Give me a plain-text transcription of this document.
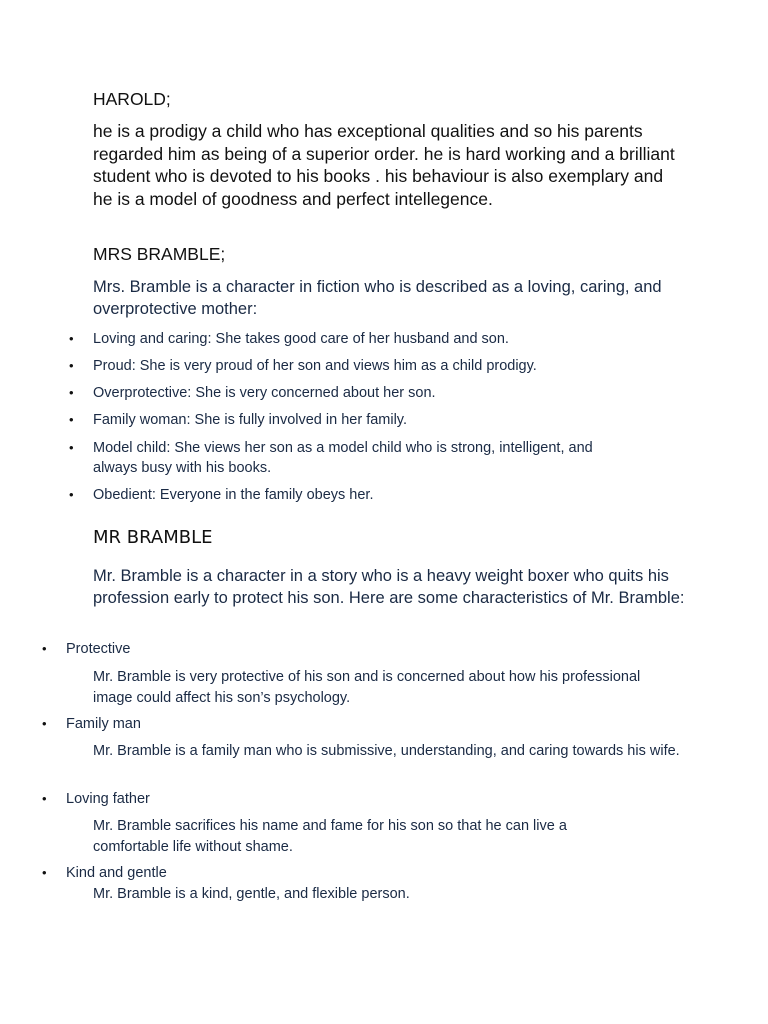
HAROLD;

he is a prodigy a child who has exceptional qualities and so his parents regarded him as being of a superior order. he is hard working and a brilliant student who is devoted to his books . his behaviour is also exemplary and he is a model of goodness and perfect intellegence.

MRS BRAMBLE;

Mrs. Bramble is a character in fiction who is described as a loving, caring, and overprotective mother:

• Loving and caring: She takes good care of her husband and son.
• Proud: She is very proud of her son and views him as a child prodigy.
• Overprotective: She is very concerned about her son.
• Family woman: She is fully involved in her family.
• Model child: She views her son as a model child who is strong, intelligent, and always busy with his books.
• Obedient: Everyone in the family obeys her.

MR BRAMBLE

Mr. Bramble is a character in a story who is a heavy weight boxer who quits his profession early to protect his son. Here are some characteristics of Mr. Bramble:

• Protective
Mr. Bramble is very protective of his son and is concerned about how his professional image could affect his son’s psychology.
• Family man
Mr. Bramble is a family man who is submissive, understanding, and caring towards his wife.
• Loving father
Mr. Bramble sacrifices his name and fame for his son so that he can live a comfortable life without shame.
• Kind and gentle
Mr. Bramble is a kind, gentle, and flexible person.
